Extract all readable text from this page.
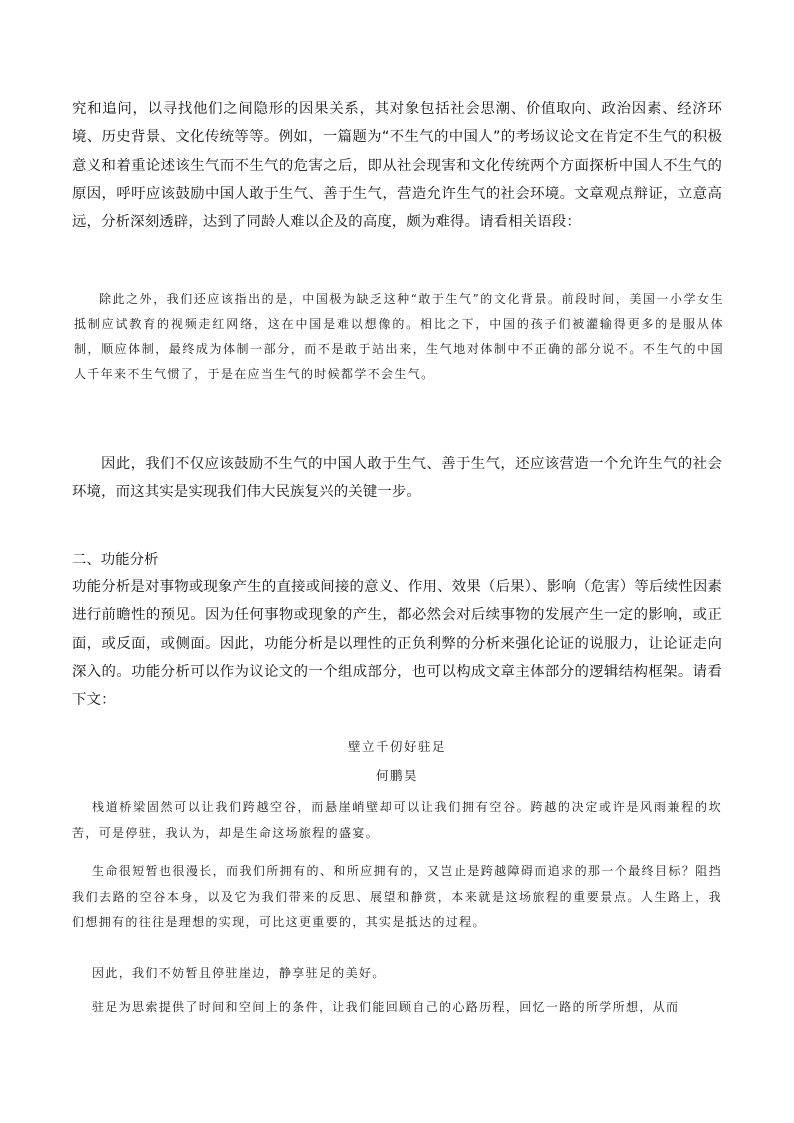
究和追问，以寻找他们之间隐形的因果关系，其对象包括社会思潮、价值取向、政治因素、经济环境、历史背景、文化传统等等。例如，一篇题为“不生气的中国人”的考场议论文在肯定不生气的积极意义和着重论述该生气而不生气的危害之后，即从社会现害和文化传统两个方面探析中国人不生气的原因，呼吁应该鼓励中国人敢于生气、善于生气，营造允许生气的社会环境。文章观点辩证，立意高远，分析深刻透辟，达到了同龄人难以企及的高度，颇为难得。请看相关语段：

除此之外，我们还应该指出的是，中国极为缺乏这种“敢于生气”的文化背景。前段时间，美国一小学女生抵制应试教育的视频走红网络，这在中国是难以想像的。相比之下，中国的孩子们被灌输得更多的是服从体制，顺应体制，最终成为体制一部分，而不是敢于站出来，生气地对体制中不正确的部分说不。不生气的中国人千年来不生气惯了，于是在应当生气的时候都学不会生气。

因此，我们不仅应该鼓励不生气的中国人敢于生气、善于生气，还应该营造一个允许生气的社会环境，而这其实是实现我们伟大民族复兴的关键一步。

二、功能分析

功能分析是对事物或现象产生的直接或间接的意义、作用、效果（后果）、影响（危害）等后续性因素进行前瞻性的预见。因为任何事物或现象的产生，都必然会对后续事物的发展产生一定的影响，或正面，或反面，或侧面。因此，功能分析是以理性的正负利弊的分析来强化论证的说服力，让论证走向深入的。功能分析可以作为议论文的一个组成部分，也可以构成文章主体部分的逻辑结构框架。请看下文：

壁立千仞好驻足

何鹏昊

栈道桥梁固然可以让我们跨越空谷，而悬崖峭壁却可以让我们拥有空谷。跨越的决定或许是风雨兼程的坎苦，可是停驻，我认为，却是生命这场旅程的盛宴。

生命很短暂也很漫长，而我们所拥有的、和所应拥有的，又岂止是跨越障碍而追求的那一个最终目标？阻挡我们去路的空谷本身，以及它为我们带来的反思、展望和静赏，本来就是这场旅程的重要景点。人生路上，我们想拥有的往往是理想的实现，可比这更重要的，其实是抵达的过程。

因此，我们不妨暂且停驻崖边，静享驻足的美好。

驻足为思索提供了时间和空间上的条件，让我们能回顾自己的心路历程，回忆一路的所学所想，从而
